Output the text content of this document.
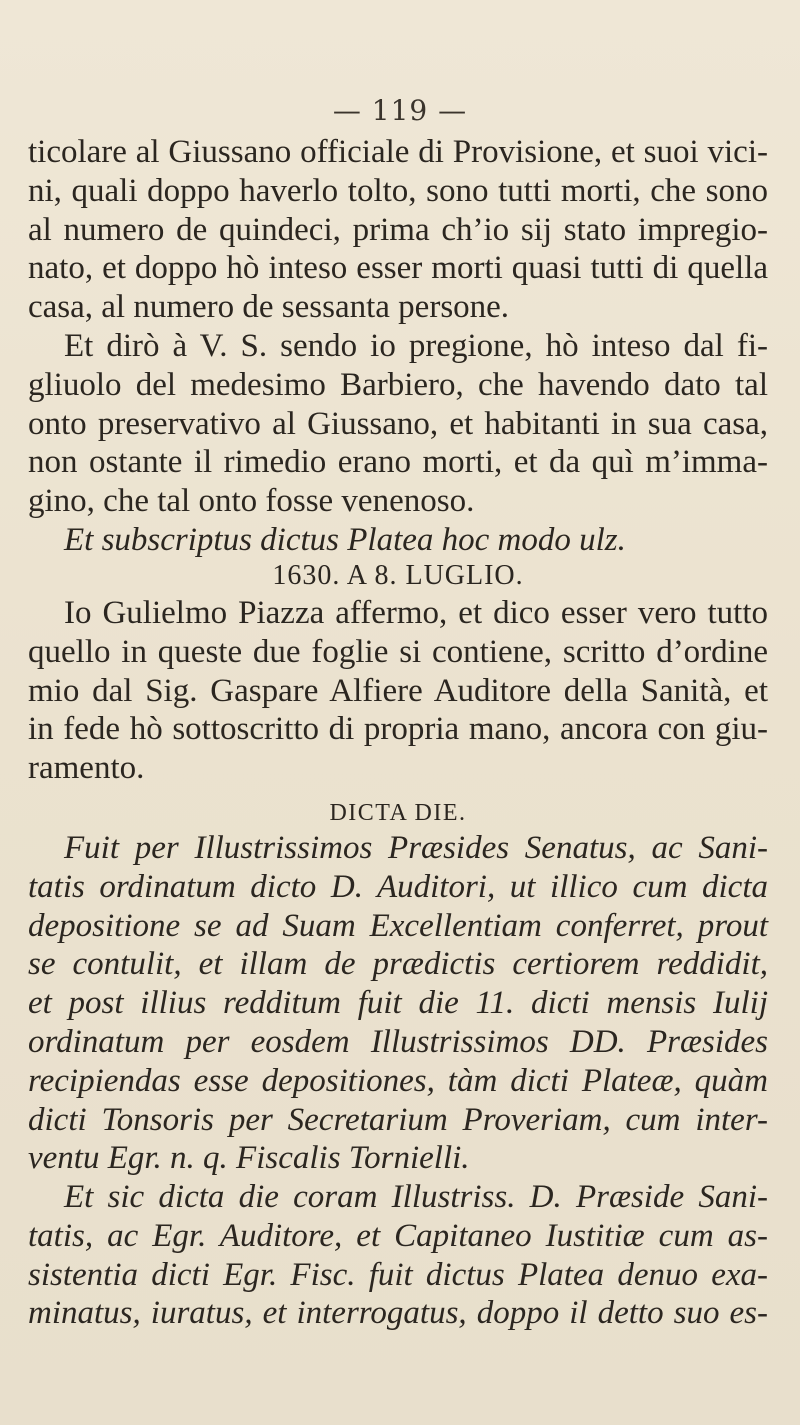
— 119 —
ticolare al Giussano officiale di Provisione, et suoi vici-
ni, quali doppo haverlo tolto, sono tutti morti, che sono
al numero de quindeci, prima ch’io sij stato impregio-
nato, et doppo hò inteso esser morti quasi tutti di quella
casa, al numero de sessanta persone.
Et dirò à V. S. sendo io pregione, hò inteso dal fi-
gliuolo del medesimo Barbiero, che havendo dato tal
onto preservativo al Giussano, et habitanti in sua casa,
non ostante il rimedio erano morti, et da quì m’imma-
gino, che tal onto fosse venenoso.
Et subscriptus dictus Platea hoc modo ulz.
1630. A 8. LUGLIO.
Io Gulielmo Piazza affermo, et dico esser vero tutto
quello in queste due foglie si contiene, scritto d’ordine
mio dal Sig. Gaspare Alfiere Auditore della Sanità, et
in fede hò sottoscritto di propria mano, ancora con giu-
ramento.
DICTA DIE.
Fuit per Illustrissimos Præsides Senatus, ac Sani-
tatis ordinatum dicto D. Auditori, ut illico cum dicta
depositione se ad Suam Excellentiam conferret, prout
se contulit, et illam de prædictis certiorem reddidit,
et post illius redditum fuit die 11. dicti mensis Iulij
ordinatum per eosdem Illustrissimos DD. Præsides
recipiendas esse depositiones, tàm dicti Plateæ, quàm
dicti Tonsoris per Secretarium Proveriam, cum inter-
ventu Egr. n. q. Fiscalis Tornielli.
Et sic dicta die coram Illustriss. D. Præside Sani-
tatis, ac Egr. Auditore, et Capitaneo Iustitiæ cum as-
sistentia dicti Egr. Fisc. fuit dictus Platea denuo exa-
minatus, iuratus, et interrogatus, doppo il detto suo es-
